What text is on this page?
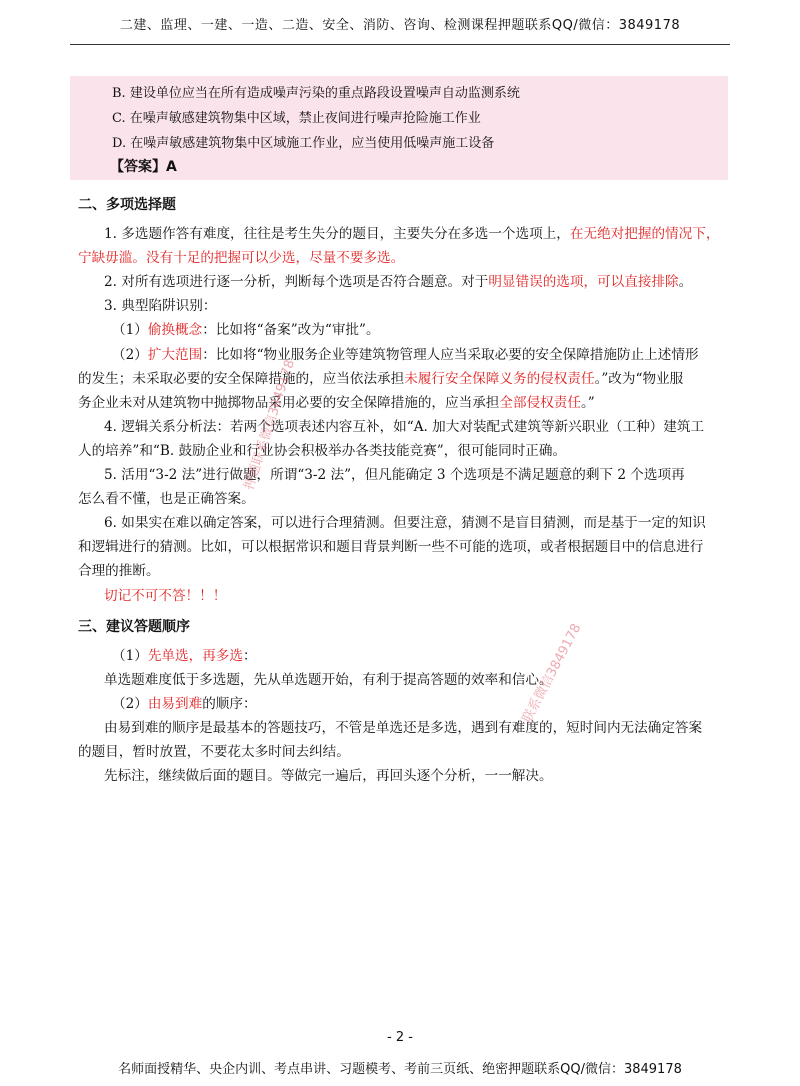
二建、监理、一建、一造、二造、安全、消防、咨询、检测课程押题联系QQ/微信：3849178

B. 建设单位应当在所有造成噪声污染的重点路段设置噪声自动监测系统

C. 在噪声敏感建筑物集中区域，禁止夜间进行噪声抢险施工作业

D. 在噪声敏感建筑物集中区域施工作业，应当使用低噪声施工设备

【答案】A

二、多项选择题
1. 多选题作答有难度，往往是考生失分的题目，主要失分在多选一个选项上，在无绝对把握的情况下，
宁缺毋滥。没有十足的把握可以少选，尽量不要多选。
2. 对所有选项进行逐一分析，判断每个选项是否符合题意。对于明显错误的选项，可以直接排除。
3. 典型陷阱识别：
（1）偷换概念：比如将“备案”改为“审批”。
（2）扩大范围：比如将“物业服务企业等建筑物管理人应当采取必要的安全保障措施防止上述情形
的发生；未采取必要的安全保障措施的，应当依法承担未履行安全保障义务的侵权责任。”改为“物业服
务企业未对从建筑物中抛掷物品采用必要的安全保障措施的，应当承担全部侵权责任。”
4. 逻辑关系分析法：若两个选项表述内容互补，如“A. 加大对装配式建筑等新兴职业（工种）建筑工
人的培养”和“B. 鼓励企业和行业协会积极举办各类技能竞赛”，很可能同时正确。
5. 活用“3-2 法”进行做题，所谓“3-2 法”，但凡能确定 3 个选项是不满足题意的剩下 2 个选项再
怎么看不懂，也是正确答案。
6. 如果实在难以确定答案，可以进行合理猜测。但要注意，猜测不是盲目猜测，而是基于一定的知识
和逻辑进行的猜测。比如，可以根据常识和题目背景判断一些不可能的选项，或者根据题目中的信息进行
合理的推断。
切记不可不答！！！
三、建议答题顺序
（1）先单选，再多选：
单选题难度低于多选题，先从单选题开始，有利于提高答题的效率和信心。
（2）由易到难的顺序：
由易到难的顺序是最基本的答题技巧，不管是单选还是多选，遇到有难度的，短时间内无法确定答案
的题目，暂时放置，不要花太多时间去纠结。
先标注，继续做后面的题目。等做完一遍后，再回头逐个分析，一一解决。
押题联系微信3849178
一联系微信3849178
- 2 -
名师面授精华、央企内训、考点串讲、习题模考、考前三页纸、绝密押题联系QQ/微信：3849178
